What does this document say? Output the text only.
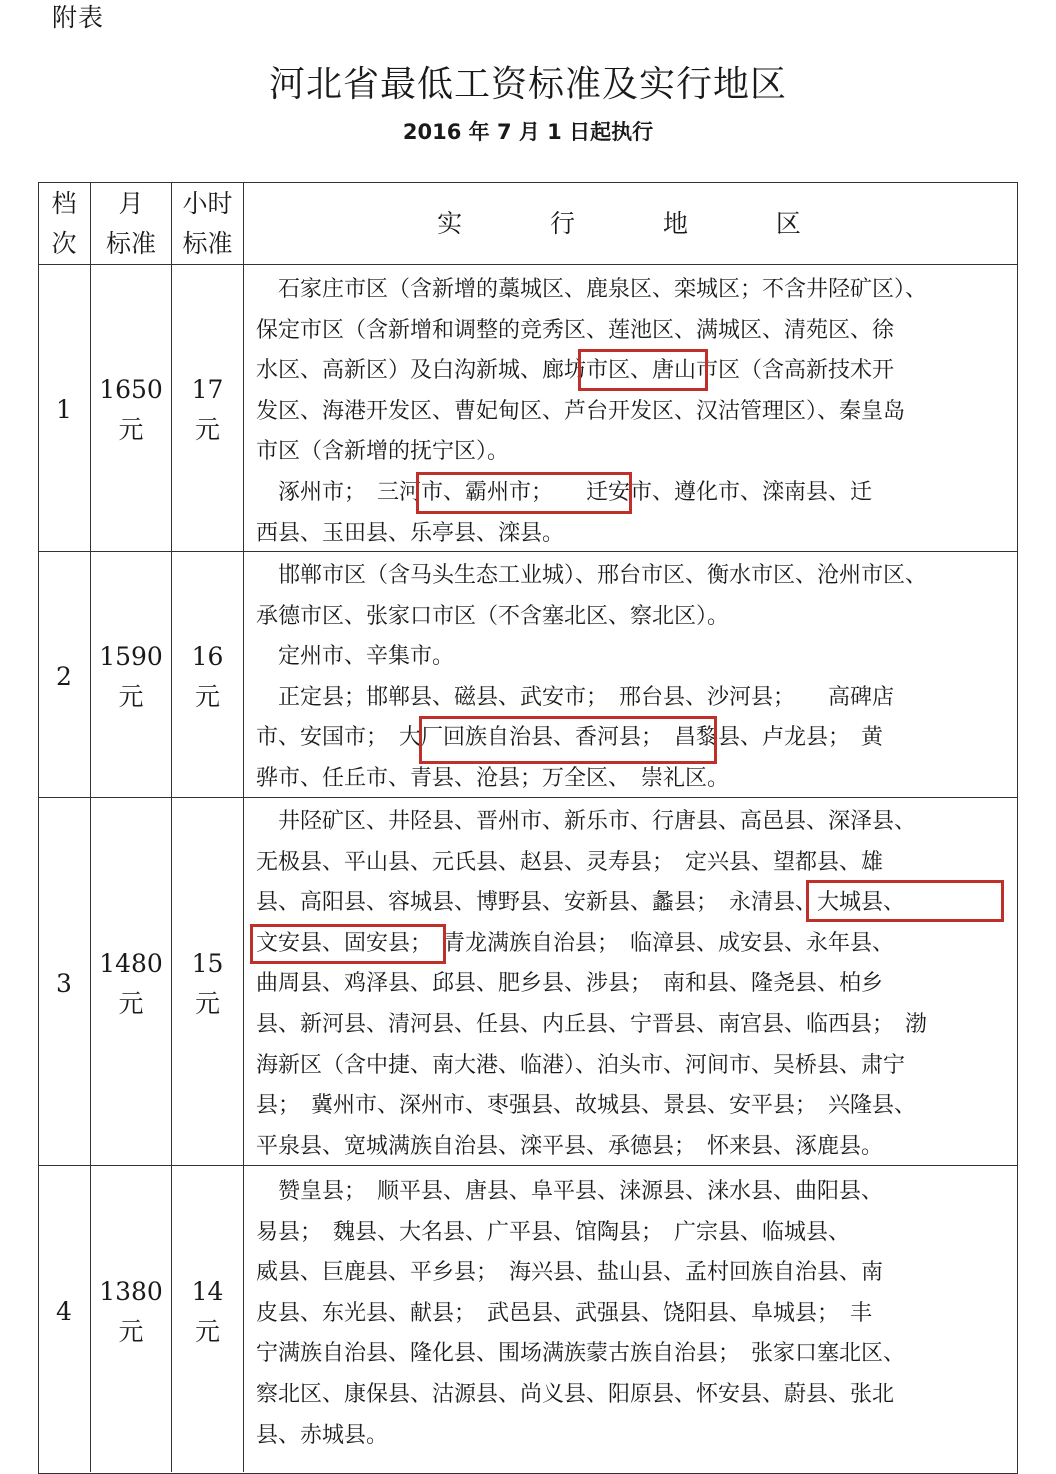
附表
河北省最低工资标准及实行地区
2016 年 7 月 1 日起执行
档
次
月
标准
小时
标准
实  行  地  区
1
1650
元
17
元

　石家庄市区（含新增的藁城区、鹿泉区、栾城区；不含井陉矿区）、

保定市区（含新增和调整的竞秀区、莲池区、满城区、清苑区、徐

水区、高新区）及白沟新城、廊坊市区、唐山市区（含高新技术开

发区、海港开发区、曹妃甸区、芦台开发区、汉沽管理区）、秦皇岛

市区（含新增的抚宁区）。

　涿州市；　三河市、霸州市；　　迁安市、遵化市、滦南县、迁

西县、玉田县、乐亭县、滦县。

2
1590
元
16
元

　邯郸市区（含马头生态工业城）、邢台市区、衡水市区、沧州市区、

承德市区、张家口市区（不含塞北区、察北区）。

　定州市、辛集市。

　正定县；邯郸县、磁县、武安市；　邢台县、沙河县；　　高碑店

市、安国市；　大厂回族自治县、香河县；　昌黎县、卢龙县；　黄

骅市、任丘市、青县、沧县；万全区、　崇礼区。

3
1480
元
15
元

　井陉矿区、井陉县、晋州市、新乐市、行唐县、高邑县、深泽县、

无极县、平山县、元氏县、赵县、灵寿县；　定兴县、望都县、雄

县、高阳县、容城县、博野县、安新县、蠡县；　永清县、大城县、

文安县、固安县；　青龙满族自治县；　临漳县、成安县、永年县、

曲周县、鸡泽县、邱县、肥乡县、涉县；　南和县、隆尧县、柏乡

县、新河县、清河县、任县、内丘县、宁晋县、南宫县、临西县；　渤

海新区（含中捷、南大港、临港）、泊头市、河间市、吴桥县、肃宁

县；　冀州市、深州市、枣强县、故城县、景县、安平县；　兴隆县、

平泉县、宽城满族自治县、滦平县、承德县；　怀来县、涿鹿县。

4
1380
元
14
元

　赞皇县；　顺平县、唐县、阜平县、涞源县、涞水县、曲阳县、

易县；　魏县、大名县、广平县、馆陶县；　广宗县、临城县、

威县、巨鹿县、平乡县；　海兴县、盐山县、孟村回族自治县、南

皮县、东光县、献县；　武邑县、武强县、饶阳县、阜城县；　丰

宁满族自治县、隆化县、围场满族蒙古族自治县；　张家口塞北区、

察北区、康保县、沽源县、尚义县、阳原县、怀安县、蔚县、张北

县、赤城县。
